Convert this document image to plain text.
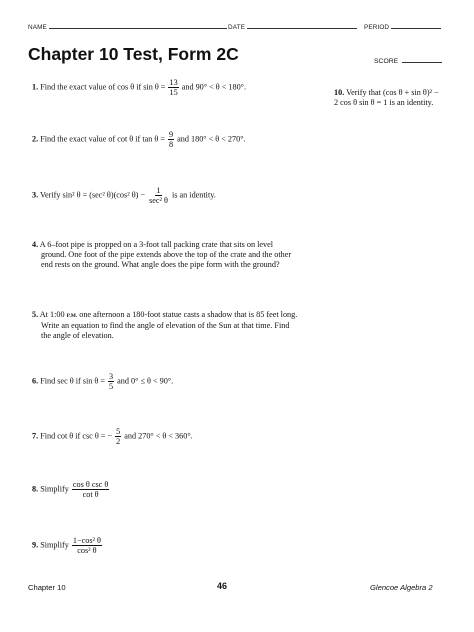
NAME	DATE	PERIOD
Chapter 10 Test, Form 2C	SCORE
1. Find the exact value of cos θ if $\sin \theta = \frac{13}{15}$ and 90° < θ < 180°.
10. Verify that (cos θ + sin θ)² −
2 cos θ sin θ = 1 is an identity.
2. Find the exact value of cot θ if $\tan \theta = \frac{9}{8}$ and 180° < θ < 270°.
3. Verify sin² θ = (sec² θ)(cos² $\theta) - \frac{1}{\text{sec² θ}}$ is an identity.
4. A 6–foot pipe is propped on a 3-foot tall packing crate that sits on level
ground. One foot of the pipe extends above the top of the crate and the other
end rests on the ground. What angle does the pipe form with the ground?
5. At 1:00 P.M. one afternoon a 180-foot statue casts a shadow that is 85 feet long.
Write an equation to find the angle of elevation of the Sun at that time. Find
the angle of elevation.
6. Find sec θ if $\sin \theta = \frac{3}{5}$ and 0° ≤ θ < 90°.
7. Find cot θ if csc θ = − $\frac{5}{2}$ and 270° < θ < 360°.
8. Simplify $\frac{\text{cos θ csc θ}}{\text{cot θ}}$
9. Simplify $\frac{\text{1−cos² θ}}{\text{cos² θ}}$
Chapter 10	46	Glencoe Algebra 2
